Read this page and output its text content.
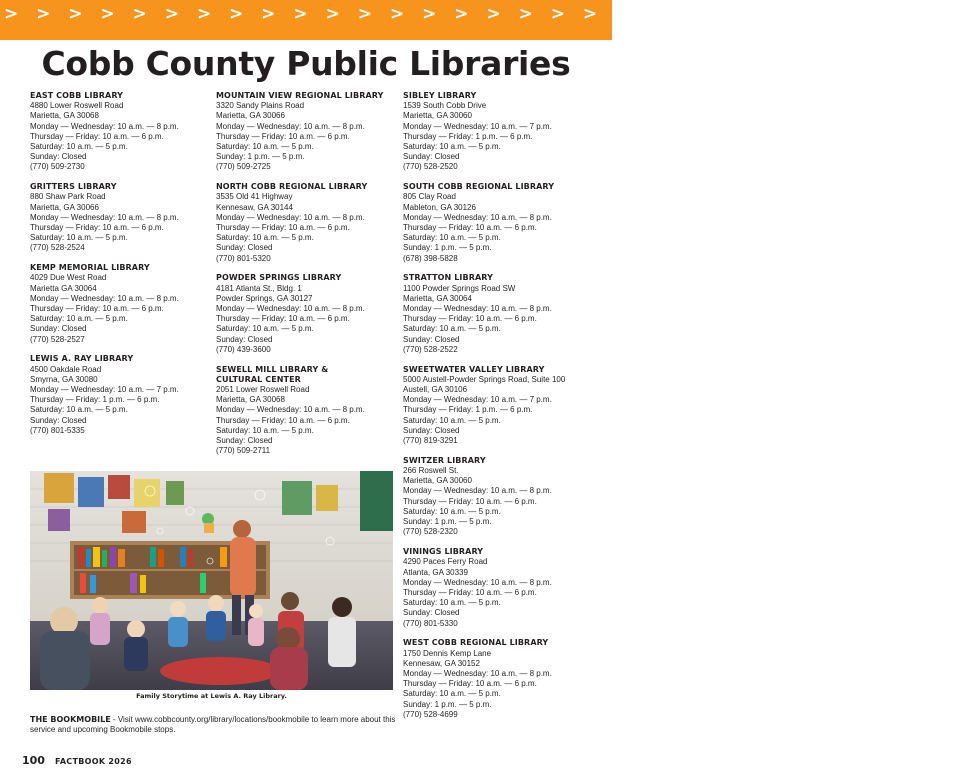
> > > > > > > > > > > > > > > > > > > > > > > > > > > > > >
Cobb County Public Libraries
EAST COBB LIBRARY
4880 Lower Roswell Road
Marietta, GA 30068
Monday — Wednesday: 10 a.m. — 8 p.m.
Thursday — Friday: 10 a.m. — 6 p.m.
Saturday: 10 a.m. — 5 p.m.
Sunday: Closed
(770) 509-2730
GRITTERS LIBRARY
880 Shaw Park Road
Marietta, GA 30066
Monday — Wednesday: 10 a.m. — 8 p.m.
Thursday — Friday: 10 a.m. — 6 p.m.
Saturday: 10 a.m. — 5 p.m.
(770) 528-2524
KEMP MEMORIAL LIBRARY
4029 Due West Road
Marietta GA 30064
Monday — Wednesday: 10 a.m. — 8 p.m.
Thursday — Friday: 10 a.m. — 6 p.m.
Saturday: 10 a.m. — 5 p.m.
Sunday: Closed
(770) 528-2527
LEWIS A. RAY LIBRARY
4500 Oakdale Road
Smyrna, GA 30080
Monday — Wednesday: 10 a.m. — 7 p.m.
Thursday — Friday: 1 p.m. — 6 p.m.
Saturday: 10 a.m. — 5 p.m.
Sunday: Closed
(770) 801-5335
MOUNTAIN VIEW REGIONAL LIBRARY
3320 Sandy Plains Road
Marietta, GA 30066
Monday — Wednesday: 10 a.m. — 8 p.m.
Thursday — Friday: 10 a.m. — 6 p.m.
Saturday: 10 a.m. — 5 p.m.
Sunday: 1 p.m. — 5 p.m.
(770) 509-2725
NORTH COBB REGIONAL LIBRARY
3535 Old 41 Highway
Kennesaw, GA 30144
Monday — Wednesday: 10 a.m. — 8 p.m.
Thursday — Friday: 10 a.m. — 6 p.m.
Saturday: 10 a.m. — 5 p.m.
Sunday: Closed
(770) 801-5320
POWDER SPRINGS LIBRARY
4181 Atlanta St., Bldg. 1
Powder Springs, GA 30127
Monday — Wednesday: 10 a.m. — 8 p.m.
Thursday — Friday: 10 a.m. — 6 p.m.
Saturday: 10 a.m. — 5 p.m.
Sunday: Closed
(770) 439-3600
SEWELL MILL LIBRARY &
CULTURAL CENTER
2051 Lower Roswell Road
Marietta, GA 30068
Monday — Wednesday: 10 a.m. — 8 p.m.
Thursday — Friday: 10 a.m. — 6 p.m.
Saturday: 10 a.m. — 5 p.m.
Sunday: Closed
(770) 509-2711
SIBLEY LIBRARY
1539 South Cobb Drive
Marietta, GA 30060
Monday — Wednesday: 10 a.m. — 7 p.m.
Thursday — Friday: 1 p.m. — 6 p.m.
Saturday: 10 a.m. — 5 p.m.
Sunday: Closed
(770) 528-2520
SOUTH COBB REGIONAL LIBRARY
805 Clay Road
Mableton, GA 30126
Monday — Wednesday: 10 a.m. — 8 p.m.
Thursday — Friday: 10 a.m. — 6 p.m.
Saturday: 10 a.m. — 5 p.m.
Sunday: 1 p.m. — 5 p.m.
(678) 398-5828
STRATTON LIBRARY
1100 Powder Springs Road SW
Marietta, GA 30064
Monday — Wednesday: 10 a.m. — 8 p.m.
Thursday — Friday: 10 a.m. — 6 p.m.
Saturday: 10 a.m. — 5 p.m.
Sunday: Closed
(770) 528-2522
SWEETWATER VALLEY LIBRARY
5000 Austell-Powder Springs Road, Suite 100
Austell, GA 30106
Monday — Wednesday: 10 a.m. — 7 p.m.
Thursday — Friday: 1 p.m. — 6 p.m.
Saturday: 10 a.m. — 5 p.m.
Sunday: Closed
(770) 819-3291
SWITZER LIBRARY
266 Roswell St.
Marietta, GA 30060
Monday — Wednesday: 10 a.m. — 8 p.m.
Thursday — Friday: 10 a.m. — 6 p.m.
Saturday: 10 a.m. — 5 p.m.
Sunday: 1 p.m. — 5 p.m.
(770) 528-2320
VININGS LIBRARY
4290 Paces Ferry Road
Atlanta, GA 30339
Monday — Wednesday: 10 a.m. — 8 p.m.
Thursday — Friday: 10 a.m. — 6 p.m.
Saturday: 10 a.m. — 5 p.m.
Sunday: Closed
(770) 801-5330
WEST COBB REGIONAL LIBRARY
1750 Dennis Kemp Lane
Kennesaw, GA 30152
Monday — Wednesday: 10 a.m. — 8 p.m.
Thursday — Friday: 10 a.m. — 6 p.m.
Saturday: 10 a.m. — 5 p.m.
Sunday: 1 p.m. — 5 p.m.
(770) 528-4699
Family Storytime at Lewis A. Ray Library.
THE BOOKMOBILE - Visit www.cobbcounty.org/library/locations/bookmobile to learn more about this service and upcoming Bookmobile stops.
100 FACTBOOK 2026
